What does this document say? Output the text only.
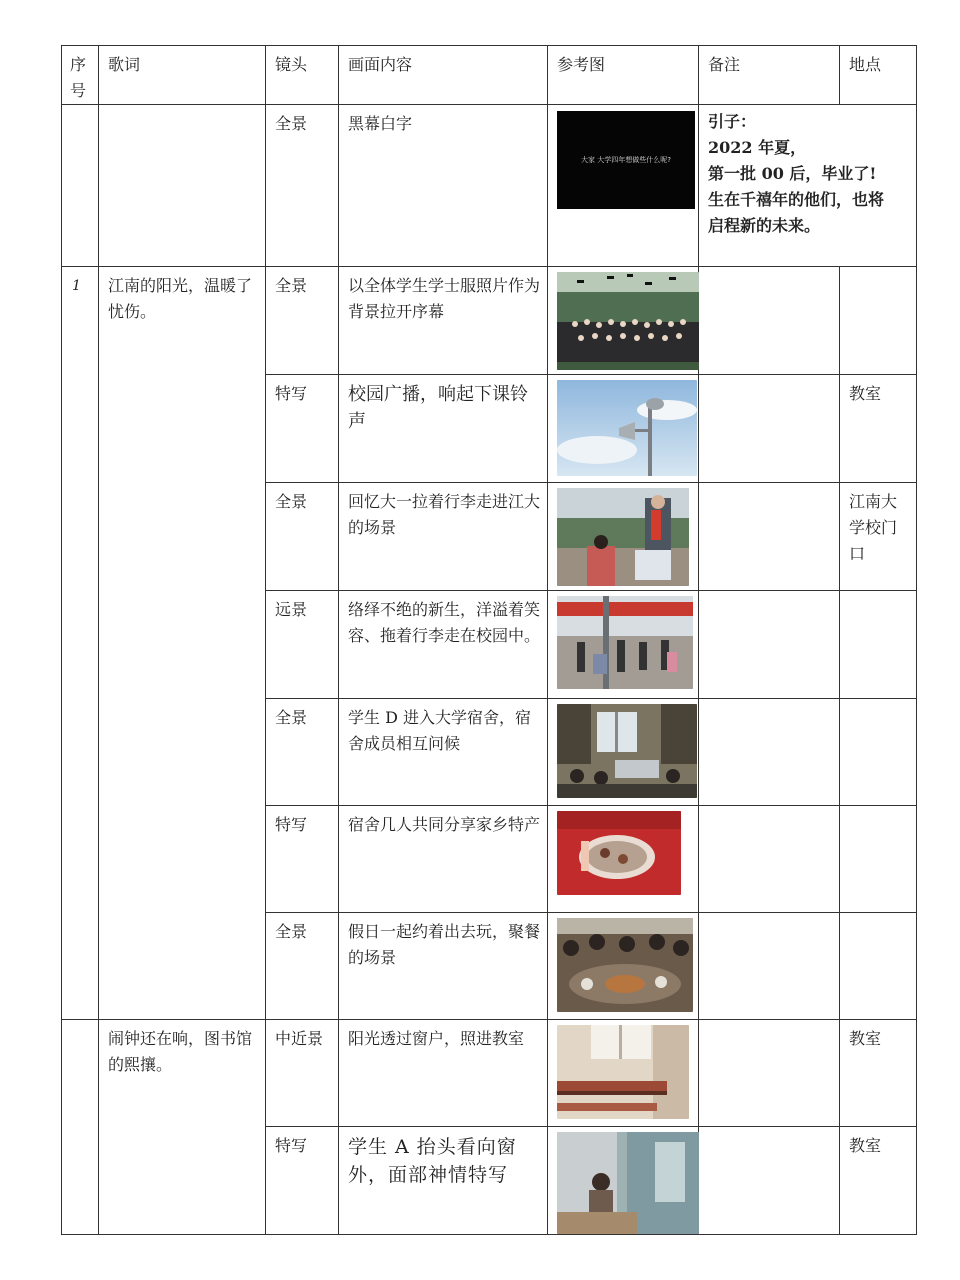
序
号	歌词	镜头	画面内容	参考图	备注	地点
		全景	黑幕白字	大家 大学四年想做些什么呢?	引子：
2022 年夏，
第一批 00 后，毕业了!
生在千禧年的他们，也将
启程新的未来。	

1	江南的阳光，温暖了忧伤。	全景	以全体学生学士服照片作为背景拉开序幕	

		特写	校园广播，响起下课铃声			教室
		全景	回忆大一拉着行李走进江大的场景			江南大学校门口
		远景	络绎不绝的新生，洋溢着笑容、拖着行李走在校园中。	

		全景	学生 D 进入大学宿舍，宿舍成员相互问候	

		特写	宿舍几人共同分享家乡特产	

		全景	假日一起约着出去玩，聚餐的场景	

	闹钟还在响，图书馆的熙攘。	中近景	阳光透过窗户，照进教室			教室
		特写	学生 A 抬头看向窗外，面部神情特写			教室
